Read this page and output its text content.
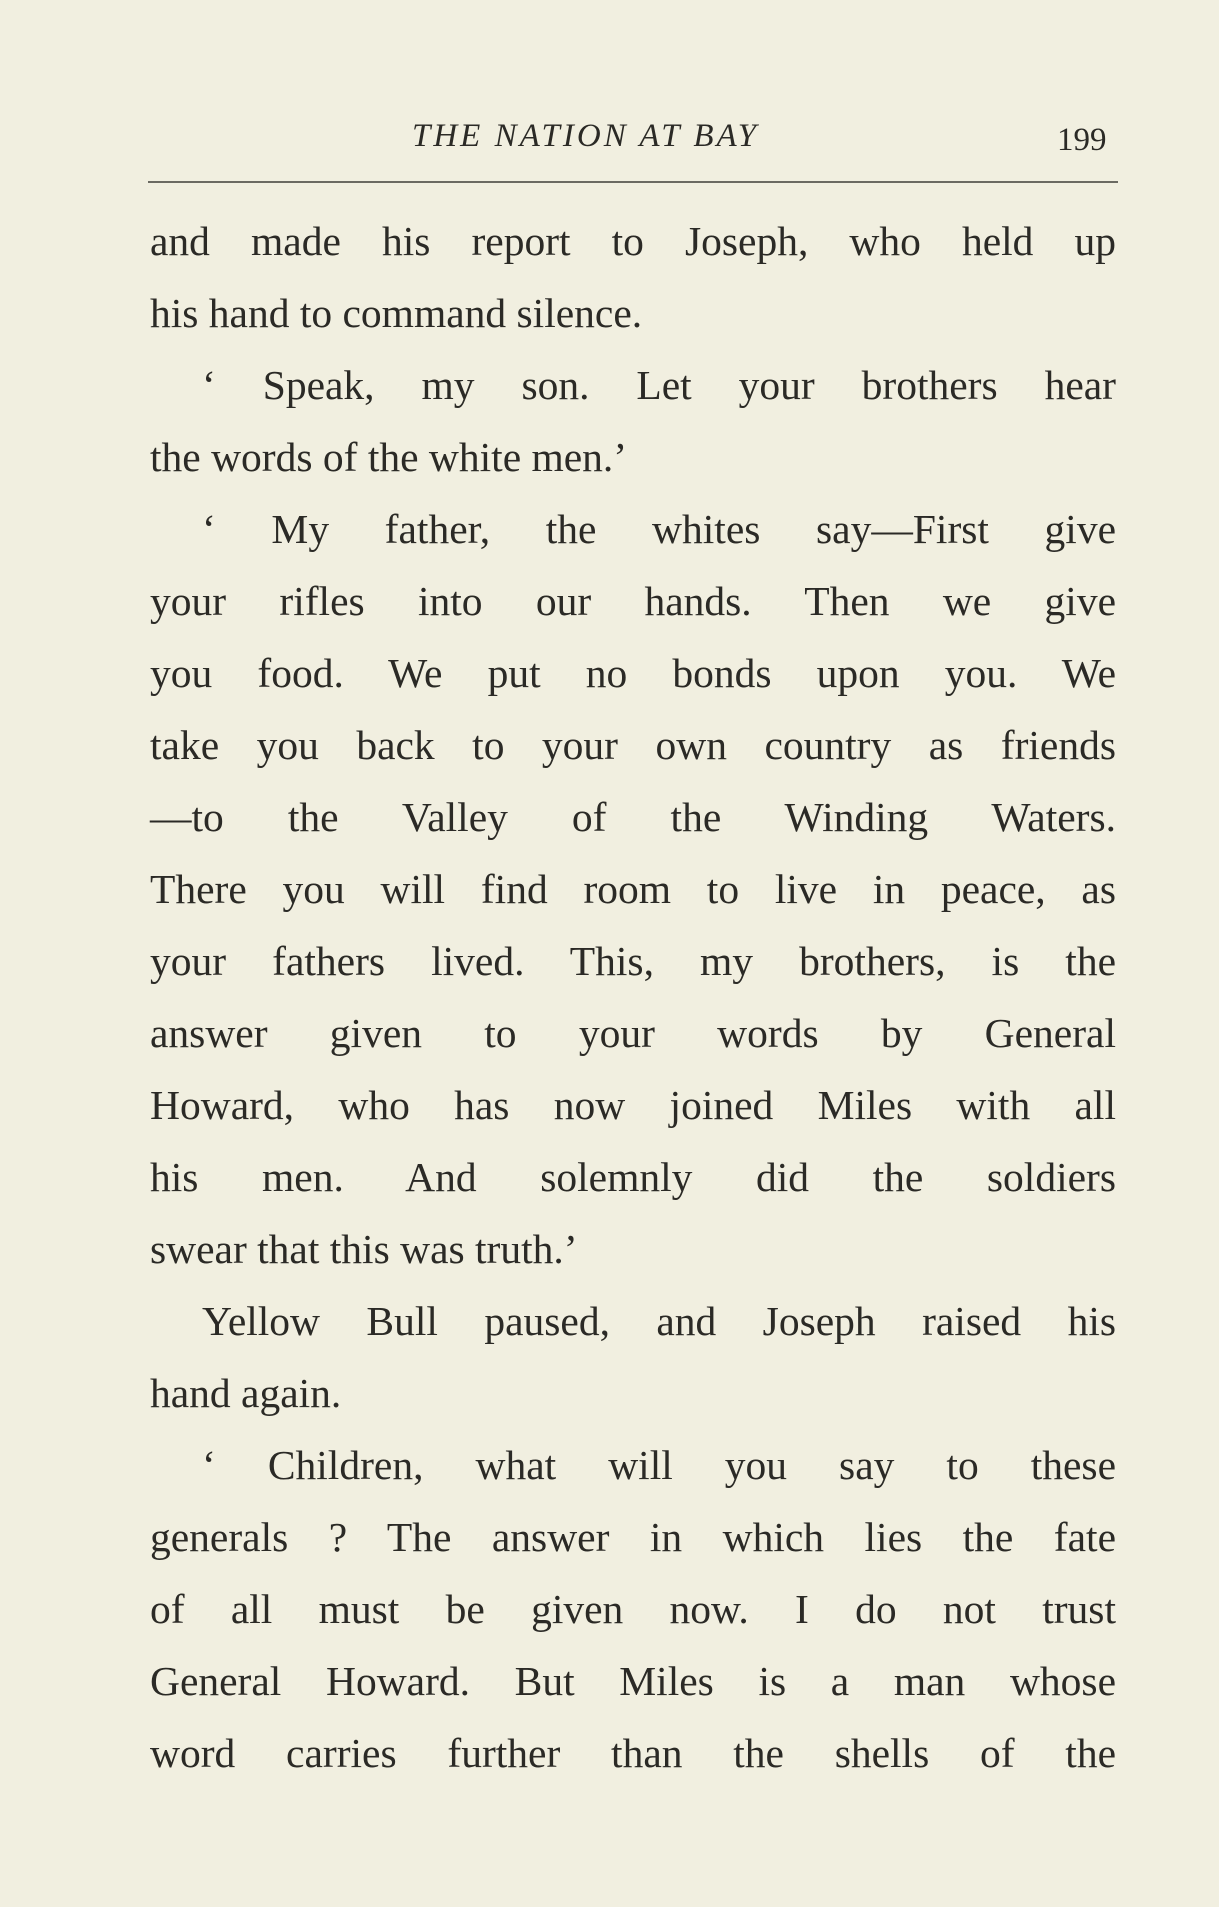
THE NATION AT BAY	199
and made his report to Joseph, who held up
his hand to command silence.
‘ Speak, my son. Let your brothers hear
the words of the white men.’
‘ My father, the whites say—First give
your rifles into our hands. Then we give
you food. We put no bonds upon you. We
take you back to your own country as friends
—to the Valley of the Winding Waters.
There you will find room to live in peace, as
your fathers lived. This, my brothers, is the
answer given to your words by General
Howard, who has now joined Miles with all
his men. And solemnly did the soldiers
swear that this was truth.’
Yellow Bull paused, and Joseph raised his
hand again.
‘ Children, what will you say to these
generals ? The answer in which lies the fate
of all must be given now. I do not trust
General Howard. But Miles is a man whose
word carries further than the shells of the
